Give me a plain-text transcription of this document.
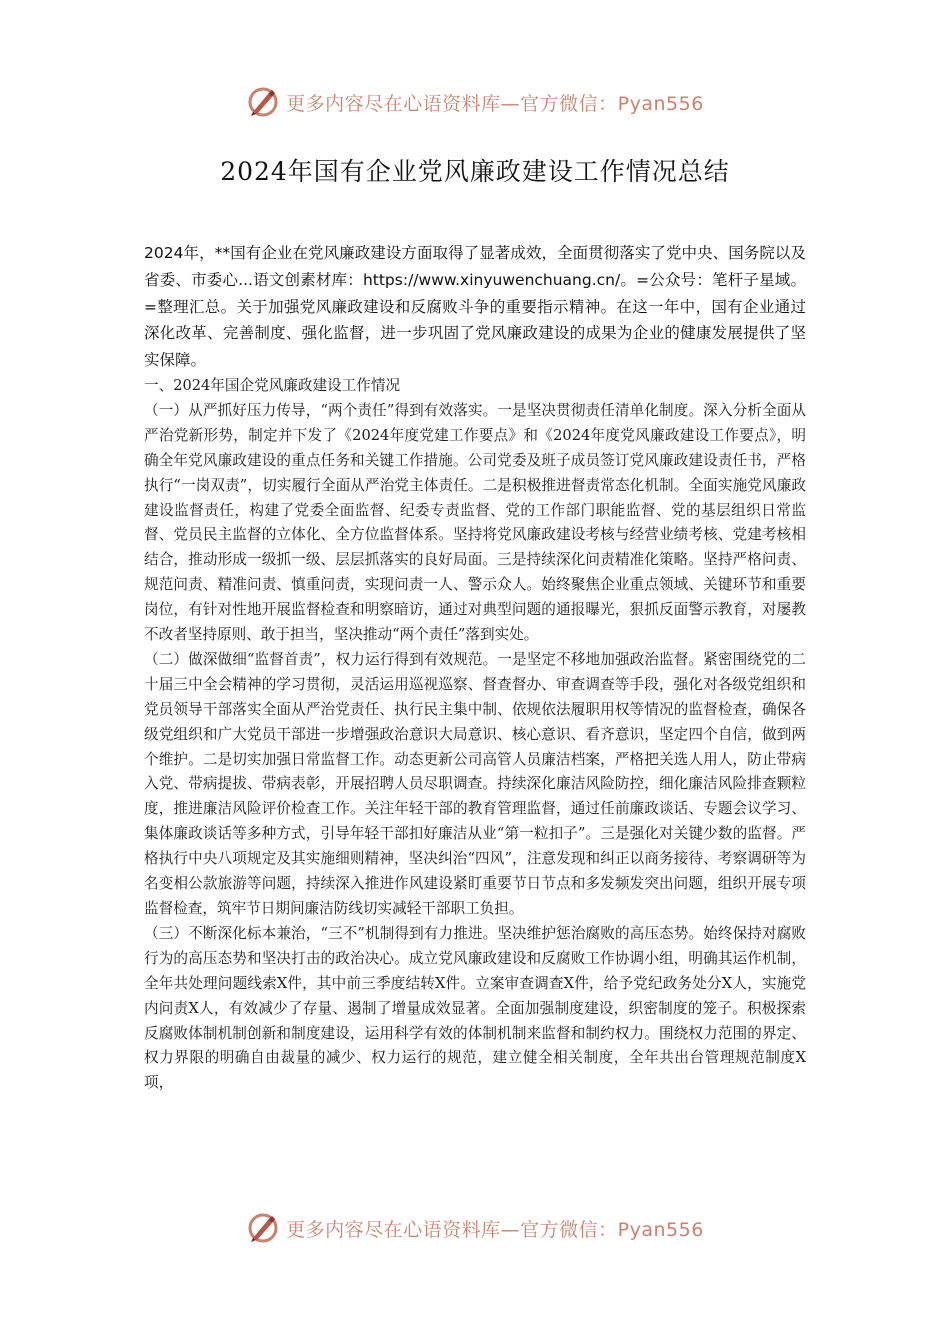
更多内容尽在心语资料库—官方微信：Pyan556
2024年国有企业党风廉政建设工作情况总结

2024年，**国有企业在党风廉政建设方面取得了显著成效，全面贯彻落实了党中央、国务院以及省委、市委心...语文创素材库：https://www.xinyuwenchuang.cn/。=公众号：笔杆子星域。=整理汇总。关于加强党风廉政建设和反腐败斗争的重要指示精神。在这一年中，国有企业通过深化改革、完善制度、强化监督，进一步巩固了党风廉政建设的成果为企业的健康发展提供了坚实保障。

一、2024年国企党风廉政建设工作情况

（一）从严抓好压力传导，“两个责任”得到有效落实。一是坚决贯彻责任清单化制度。深入分析全面从严治党新形势，制定并下发了《2024年度党建工作要点》和《2024年度党风廉政建设工作要点》，明确全年党风廉政建设的重点任务和关键工作措施。公司党委及班子成员签订党风廉政建设责任书，严格执行“一岗双责”，切实履行全面从严治党主体责任。二是积极推进督责常态化机制。全面实施党风廉政建设监督责任，构建了党委全面监督、纪委专责监督、党的工作部门职能监督、党的基层组织日常监督、党员民主监督的立体化、全方位监督体系。坚持将党风廉政建设考核与经营业绩考核、党建考核相结合，推动形成一级抓一级、层层抓落实的良好局面。三是持续深化问责精准化策略。坚持严格问责、规范问责、精准问责、慎重问责，实现问责一人、警示众人。始终聚焦企业重点领域、关键环节和重要岗位，有针对性地开展监督检查和明察暗访，通过对典型问题的通报曝光，狠抓反面警示教育，对屡教不改者坚持原则、敢于担当，坚决推动“两个责任”落到实处。

（二）做深做细“监督首责”，权力运行得到有效规范。一是坚定不移地加强政治监督。紧密围绕党的二十届三中全会精神的学习贯彻，灵活运用巡视巡察、督查督办、审查调查等手段，强化对各级党组织和党员领导干部落实全面从严治党责任、执行民主集中制、依规依法履职用权等情况的监督检查，确保各级党组织和广大党员干部进一步增强政治意识大局意识、核心意识、看齐意识，坚定四个自信，做到两个维护。二是切实加强日常监督工作。动态更新公司高管人员廉洁档案，严格把关选人用人，防止带病入党、带病提拔、带病表彰，开展招聘人员尽职调查。持续深化廉洁风险防控，细化廉洁风险排查颗粒度，推进廉洁风险评价检查工作。关注年轻干部的教育管理监督，通过任前廉政谈话、专题会议学习、集体廉政谈话等多种方式，引导年轻干部扣好廉洁从业“第一粒扣子”。三是强化对关键少数的监督。严格执行中央八项规定及其实施细则精神，坚决纠治“四风”，注意发现和纠正以商务接待、考察调研等为名变相公款旅游等问题，持续深入推进作风建设紧盯重要节日节点和多发频发突出问题，组织开展专项监督检查，筑牢节日期间廉洁防线切实减轻干部职工负担。

（三）不断深化标本兼治，“三不”机制得到有力推进。坚决维护惩治腐败的高压态势。始终保持对腐败行为的高压态势和坚决打击的政治决心。成立党风廉政建设和反腐败工作协调小组，明确其运作机制，全年共处理问题线索X件，其中前三季度结转X件。立案审查调查X件，给予党纪政务处分X人，实施党内问责X人，有效减少了存量、遏制了增量成效显著。全面加强制度建设，织密制度的笼子。积极探索反腐败体制机制创新和制度建设，运用科学有效的体制机制来监督和制约权力。围绕权力范围的界定、权力界限的明确自由裁量的减少、权力运行的规范，建立健全相关制度，全年共出台管理规范制度X项，

更多内容尽在心语资料库—官方微信：Pyan556
